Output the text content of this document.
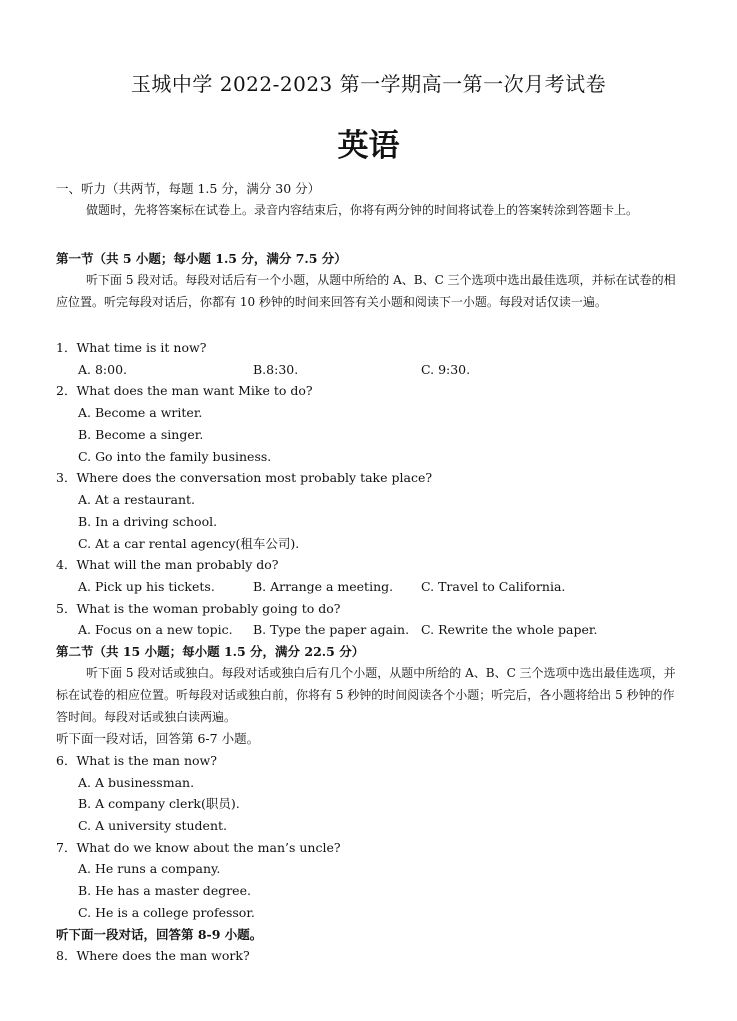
玉城中学 2022-2023 第一学期高一第一次月考试卷
英语
一、听力（共两节，每题 1.5 分，满分 30 分）
做题时，先将答案标在试卷上。录音内容结束后，你将有两分钟的时间将试卷上的答案转涂到答题卡上。
第一节（共 5 小题；每小题 1.5 分，满分 7.5 分）
听下面 5 段对话。每段对话后有一个小题，从题中所给的 A、B、C 三个选项中选出最佳选项，并标在试卷的相应位置。听完每段对话后，你都有 10 秒钟的时间来回答有关小题和阅读下一小题。每段对话仅读一遍。
1．What time is it now?
A. 8:00.	B.8:30.	C. 9:30.
2．What does the man want Mike to do?
A. Become a writer.
B. Become a singer.
C. Go into the family business.
3．Where does the conversation most probably take place?
A. At a restaurant.
B. In a driving school.
C. At a car rental agency(租车公司).
4．What will the man probably do?
A. Pick up his tickets.	B. Arrange a meeting. C. Travel to California.
5．What is the woman probably going to do?
A. Focus on a new topic. B. Type the paper again. C. Rewrite the whole paper.
第二节（共 15 小题；每小题 1.5 分，满分 22.5 分）
听下面 5 段对话或独白。每段对话或独白后有几个小题，从题中所给的 A、B、C 三个选项中选出最佳选项，并标在试卷的相应位置。听每段对话或独白前，你将有 5 秒钟的时间阅读各个小题；听完后，各小题将给出 5 秒钟的作答时间。每段对话或独白读两遍。
听下面一段对话，回答第 6-7 小题。
6．What is the man now?
A. A businessman.
B. A company clerk(职员).
C. A university student.
7．What do we know about the man’s uncle?
A. He runs a company.
B. He has a master degree.
C. He is a college professor.
听下面一段对话，回答第 8-9 小题。
8．Where does the man work?
